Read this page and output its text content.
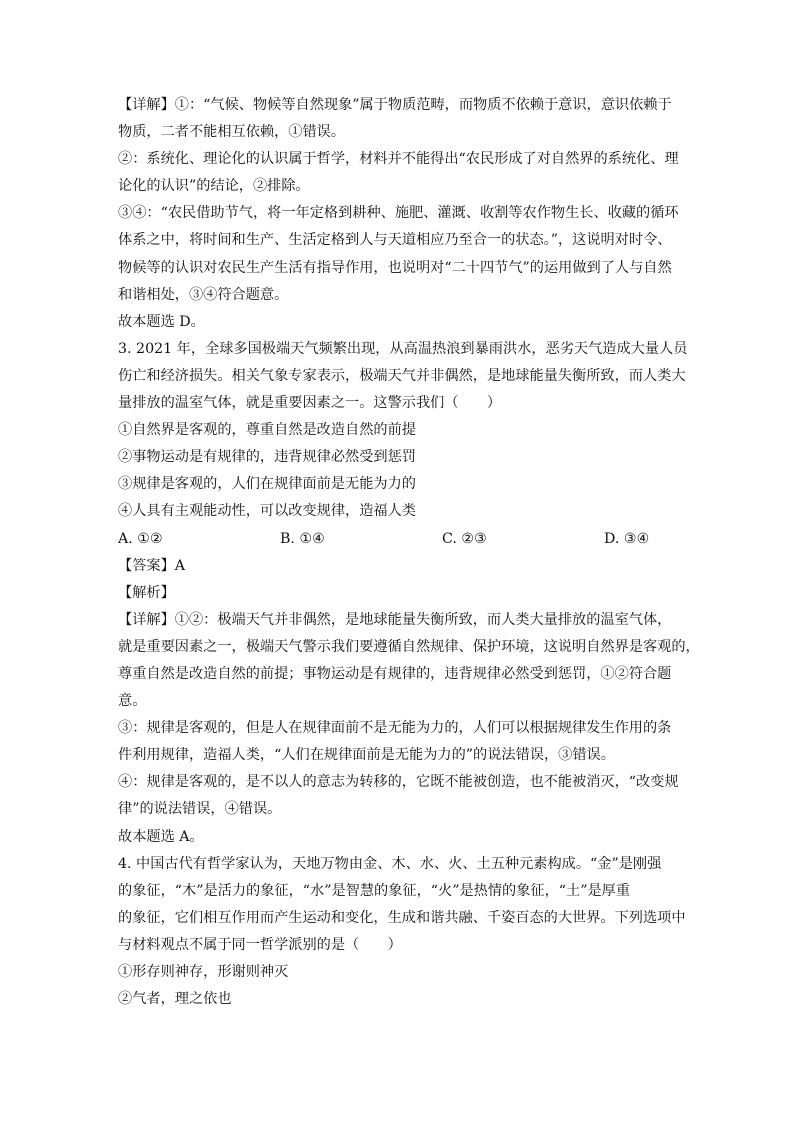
【详解】①：“气候、物候等自然现象”属于物质范畴，而物质不依赖于意识，意识依赖于

物质，二者不能相互依赖，①错误。

②：系统化、理论化的认识属于哲学，材料并不能得出“农民形成了对自然界的系统化、理

论化的认识”的结论，②排除。

③④：“农民借助节气，将一年定格到耕种、施肥、灌溉、收割等农作物生长、收藏的循环

体系之中，将时间和生产、生活定格到人与天道相应乃至合一的状态。”，这说明对时令、

物候等的认识对农民生产生活有指导作用，也说明对“二十四节气”的运用做到了人与自然

和谐相处，③④符合题意。

故本题选 D。

3. 2021 年，全球多国极端天气频繁出现，从高温热浪到暴雨洪水，恶劣天气造成大量人员

伤亡和经济损失。相关气象专家表示，极端天气并非偶然，是地球能量失衡所致，而人类大

量排放的温室气体，就是重要因素之一。这警示我们（　　）

①自然界是客观的，尊重自然是改造自然的前提

②事物运动是有规律的，违背规律必然受到惩罚

③规律是客观的，人们在规律面前是无能为力的

④人具有主观能动性，可以改变规律，造福人类

A. ①②	B. ①④	C. ②③	D. ③④

【答案】A

【解析】

【详解】①②：极端天气并非偶然，是地球能量失衡所致，而人类大量排放的温室气体，

就是重要因素之一，极端天气警示我们要遵循自然规律、保护环境，这说明自然界是客观的，

尊重自然是改造自然的前提；事物运动是有规律的，违背规律必然受到惩罚，①②符合题

意。

③：规律是客观的，但是人在规律面前不是无能为力的，人们可以根据规律发生作用的条

件利用规律，造福人类，“人们在规律面前是无能为力的”的说法错误，③错误。

④：规律是客观的，是不以人的意志为转移的，它既不能被创造，也不能被消灭，“改变规

律”的说法错误，④错误。

故本题选 A。

4. 中国古代有哲学家认为，天地万物由金、木、水、火、土五种元素构成。“金”是刚强

的象征，“木”是活力的象征，“水”是智慧的象征，“火”是热情的象征，“土”是厚重

的象征，它们相互作用而产生运动和变化，生成和谐共融、千姿百态的大世界。下列选项中

与材料观点不属于同一哲学派别的是（　　）

①形存则神存，形谢则神灭

②气者，理之依也
